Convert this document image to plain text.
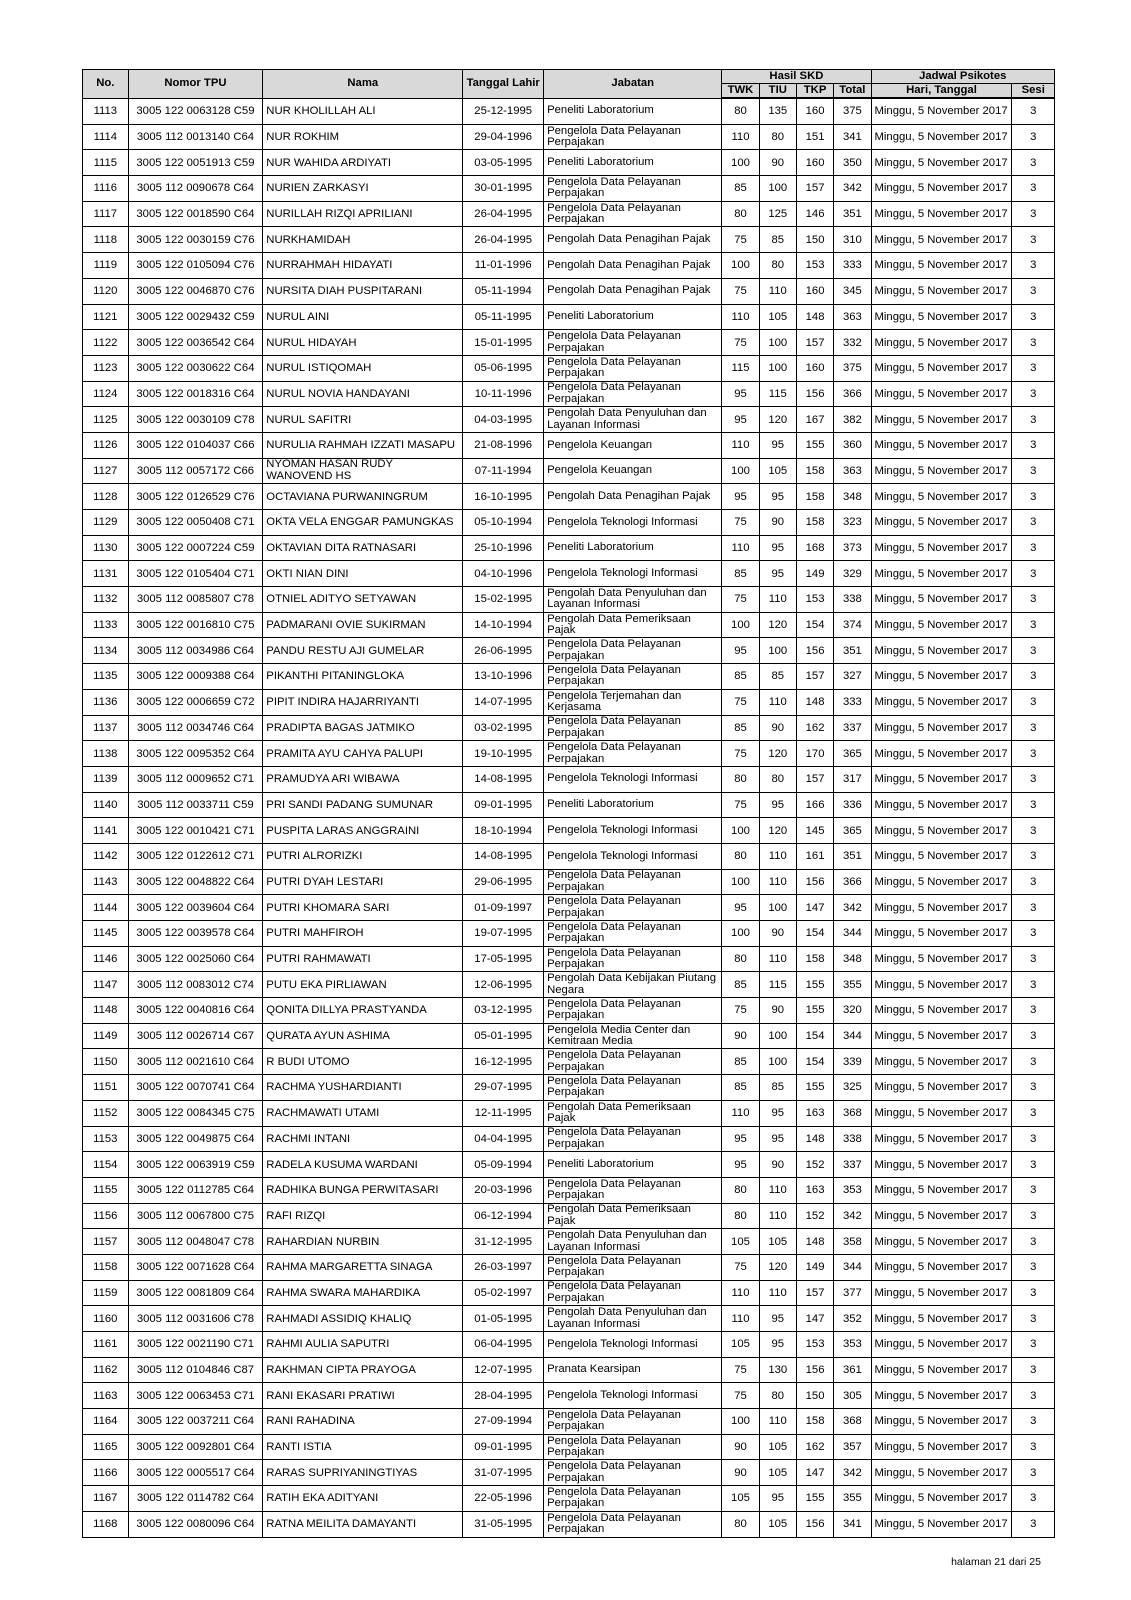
No.	Nomor TPU	Nama	Tanggal Lahir	Jabatan	Hasil SKD				Jadwal Psikotes	
					TWK	TIU	TKP	Total	Hari, Tanggal	Sesi
1113	3005 122 0063128 C59	NUR KHOLILLAH ALI	25-12-1995	Peneliti Laboratorium	80	135	160	375	Minggu, 5 November 2017	3
1114	3005 112 0013140 C64	NUR ROKHIM	29-04-1996	Pengelola Data Pelayanan Perpajakan	110	80	151	341	Minggu, 5 November 2017	3
1115	3005 122 0051913 C59	NUR WAHIDA ARDIYATI	03-05-1995	Peneliti Laboratorium	100	90	160	350	Minggu, 5 November 2017	3
1116	3005 112 0090678 C64	NURIEN ZARKASYI	30-01-1995	Pengelola Data Pelayanan Perpajakan	85	100	157	342	Minggu, 5 November 2017	3
1117	3005 122 0018590 C64	NURILLAH RIZQI APRILIANI	26-04-1995	Pengelola Data Pelayanan Perpajakan	80	125	146	351	Minggu, 5 November 2017	3
1118	3005 122 0030159 C76	NURKHAMIDAH	26-04-1995	Pengolah Data Penagihan Pajak	75	85	150	310	Minggu, 5 November 2017	3
1119	3005 122 0105094 C76	NURRAHMAH HIDAYATI	11-01-1996	Pengolah Data Penagihan Pajak	100	80	153	333	Minggu, 5 November 2017	3
1120	3005 122 0046870 C76	NURSITA DIAH PUSPITARANI	05-11-1994	Pengolah Data Penagihan Pajak	75	110	160	345	Minggu, 5 November 2017	3
1121	3005 122 0029432 C59	NURUL AINI	05-11-1995	Peneliti Laboratorium	110	105	148	363	Minggu, 5 November 2017	3
1122	3005 122 0036542 C64	NURUL HIDAYAH	15-01-1995	Pengelola Data Pelayanan Perpajakan	75	100	157	332	Minggu, 5 November 2017	3
1123	3005 122 0030622 C64	NURUL ISTIQOMAH	05-06-1995	Pengelola Data Pelayanan Perpajakan	115	100	160	375	Minggu, 5 November 2017	3
1124	3005 122 0018316 C64	NURUL NOVIA HANDAYANI	10-11-1996	Pengelola Data Pelayanan Perpajakan	95	115	156	366	Minggu, 5 November 2017	3
1125	3005 122 0030109 C78	NURUL SAFITRI	04-03-1995	Pengolah Data Penyuluhan dan Layanan Informasi	95	120	167	382	Minggu, 5 November 2017	3
1126	3005 122 0104037 C66	NURULIA RAHMAH IZZATI MASAPU	21-08-1996	Pengelola Keuangan	110	95	155	360	Minggu, 5 November 2017	3
1127	3005 112 0057172 C66	NYOMAN HASAN RUDY WANOVEND HS	07-11-1994	Pengelola Keuangan	100	105	158	363	Minggu, 5 November 2017	3
1128	3005 122 0126529 C76	OCTAVIANA PURWANINGRUM	16-10-1995	Pengolah Data Penagihan Pajak	95	95	158	348	Minggu, 5 November 2017	3
1129	3005 122 0050408 C71	OKTA VELA ENGGAR PAMUNGKAS	05-10-1994	Pengelola Teknologi Informasi	75	90	158	323	Minggu, 5 November 2017	3
1130	3005 122 0007224 C59	OKTAVIAN DITA RATNASARI	25-10-1996	Peneliti Laboratorium	110	95	168	373	Minggu, 5 November 2017	3
1131	3005 122 0105404 C71	OKTI NIAN DINI	04-10-1996	Pengelola Teknologi Informasi	85	95	149	329	Minggu, 5 November 2017	3
1132	3005 112 0085807 C78	OTNIEL ADITYO SETYAWAN	15-02-1995	Pengolah Data Penyuluhan dan Layanan Informasi	75	110	153	338	Minggu, 5 November 2017	3
1133	3005 122 0016810 C75	PADMARANI OVIE SUKIRMAN	14-10-1994	Pengolah Data Pemeriksaan Pajak	100	120	154	374	Minggu, 5 November 2017	3
1134	3005 112 0034986 C64	PANDU RESTU AJI GUMELAR	26-06-1995	Pengelola Data Pelayanan Perpajakan	95	100	156	351	Minggu, 5 November 2017	3
1135	3005 122 0009388 C64	PIKANTHI PITANINGLOKA	13-10-1996	Pengelola Data Pelayanan Perpajakan	85	85	157	327	Minggu, 5 November 2017	3
1136	3005 122 0006659 C72	PIPIT INDIRA HAJARRIYANTI	14-07-1995	Pengelola Terjemahan dan Kerjasama	75	110	148	333	Minggu, 5 November 2017	3
1137	3005 112 0034746 C64	PRADIPTA BAGAS JATMIKO	03-02-1995	Pengelola Data Pelayanan Perpajakan	85	90	162	337	Minggu, 5 November 2017	3
1138	3005 122 0095352 C64	PRAMITA AYU CAHYA PALUPI	19-10-1995	Pengelola Data Pelayanan Perpajakan	75	120	170	365	Minggu, 5 November 2017	3
1139	3005 112 0009652 C71	PRAMUDYA ARI WIBAWA	14-08-1995	Pengelola Teknologi Informasi	80	80	157	317	Minggu, 5 November 2017	3
1140	3005 112 0033711 C59	PRI SANDI PADANG SUMUNAR	09-01-1995	Peneliti Laboratorium	75	95	166	336	Minggu, 5 November 2017	3
1141	3005 122 0010421 C71	PUSPITA LARAS ANGGRAINI	18-10-1994	Pengelola Teknologi Informasi	100	120	145	365	Minggu, 5 November 2017	3
1142	3005 122 0122612 C71	PUTRI ALRORIZKI	14-08-1995	Pengelola Teknologi Informasi	80	110	161	351	Minggu, 5 November 2017	3
1143	3005 122 0048822 C64	PUTRI DYAH LESTARI	29-06-1995	Pengelola Data Pelayanan Perpajakan	100	110	156	366	Minggu, 5 November 2017	3
1144	3005 122 0039604 C64	PUTRI KHOMARA SARI	01-09-1997	Pengelola Data Pelayanan Perpajakan	95	100	147	342	Minggu, 5 November 2017	3
1145	3005 122 0039578 C64	PUTRI MAHFIROH	19-07-1995	Pengelola Data Pelayanan Perpajakan	100	90	154	344	Minggu, 5 November 2017	3
1146	3005 122 0025060 C64	PUTRI RAHMAWATI	17-05-1995	Pengelola Data Pelayanan Perpajakan	80	110	158	348	Minggu, 5 November 2017	3
1147	3005 112 0083012 C74	PUTU EKA PIRLIAWAN	12-06-1995	Pengolah Data Kebijakan Piutang Negara	85	115	155	355	Minggu, 5 November 2017	3
1148	3005 122 0040816 C64	QONITA DILLYA PRASTYANDA	03-12-1995	Pengelola Data Pelayanan Perpajakan	75	90	155	320	Minggu, 5 November 2017	3
1149	3005 112 0026714 C67	QURATA AYUN ASHIMA	05-01-1995	Pengelola Media Center dan Kemitraan Media	90	100	154	344	Minggu, 5 November 2017	3
1150	3005 112 0021610 C64	R BUDI UTOMO	16-12-1995	Pengelola Data Pelayanan Perpajakan	85	100	154	339	Minggu, 5 November 2017	3
1151	3005 122 0070741 C64	RACHMA YUSHARDIANTI	29-07-1995	Pengelola Data Pelayanan Perpajakan	85	85	155	325	Minggu, 5 November 2017	3
1152	3005 122 0084345 C75	RACHMAWATI UTAMI	12-11-1995	Pengolah Data Pemeriksaan Pajak	110	95	163	368	Minggu, 5 November 2017	3
1153	3005 122 0049875 C64	RACHMI INTANI	04-04-1995	Pengelola Data Pelayanan Perpajakan	95	95	148	338	Minggu, 5 November 2017	3
1154	3005 122 0063919 C59	RADELA KUSUMA WARDANI	05-09-1994	Peneliti Laboratorium	95	90	152	337	Minggu, 5 November 2017	3
1155	3005 122 0112785 C64	RADHIKA BUNGA PERWITASARI	20-03-1996	Pengelola Data Pelayanan Perpajakan	80	110	163	353	Minggu, 5 November 2017	3
1156	3005 112 0067800 C75	RAFI RIZQI	06-12-1994	Pengolah Data Pemeriksaan Pajak	80	110	152	342	Minggu, 5 November 2017	3
1157	3005 112 0048047 C78	RAHARDIAN NURBIN	31-12-1995	Pengolah Data Penyuluhan dan Layanan Informasi	105	105	148	358	Minggu, 5 November 2017	3
1158	3005 122 0071628 C64	RAHMA MARGARETTA SINAGA	26-03-1997	Pengelola Data Pelayanan Perpajakan	75	120	149	344	Minggu, 5 November 2017	3
1159	3005 122 0081809 C64	RAHMA SWARA MAHARDIKA	05-02-1997	Pengelola Data Pelayanan Perpajakan	110	110	157	377	Minggu, 5 November 2017	3
1160	3005 112 0031606 C78	RAHMADI ASSIDIQ KHALIQ	01-05-1995	Pengolah Data Penyuluhan dan Layanan Informasi	110	95	147	352	Minggu, 5 November 2017	3
1161	3005 122 0021190 C71	RAHMI AULIA SAPUTRI	06-04-1995	Pengelola Teknologi Informasi	105	95	153	353	Minggu, 5 November 2017	3
1162	3005 112 0104846 C87	RAKHMAN CIPTA PRAYOGA	12-07-1995	Pranata Kearsipan	75	130	156	361	Minggu, 5 November 2017	3
1163	3005 122 0063453 C71	RANI EKASARI PRATIWI	28-04-1995	Pengelola Teknologi Informasi	75	80	150	305	Minggu, 5 November 2017	3
1164	3005 122 0037211 C64	RANI RAHADINA	27-09-1994	Pengelola Data Pelayanan Perpajakan	100	110	158	368	Minggu, 5 November 2017	3
1165	3005 122 0092801 C64	RANTI ISTIA	09-01-1995	Pengelola Data Pelayanan Perpajakan	90	105	162	357	Minggu, 5 November 2017	3
1166	3005 122 0005517 C64	RARAS SUPRIYANINGTIYAS	31-07-1995	Pengelola Data Pelayanan Perpajakan	90	105	147	342	Minggu, 5 November 2017	3
1167	3005 122 0114782 C64	RATIH EKA ADITYANI	22-05-1996	Pengelola Data Pelayanan Perpajakan	105	95	155	355	Minggu, 5 November 2017	3
1168	3005 122 0080096 C64	RATNA MEILITA DAMAYANTI	31-05-1995	Pengelola Data Pelayanan Perpajakan	80	105	156	341	Minggu, 5 November 2017	3
halaman 21 dari 25
